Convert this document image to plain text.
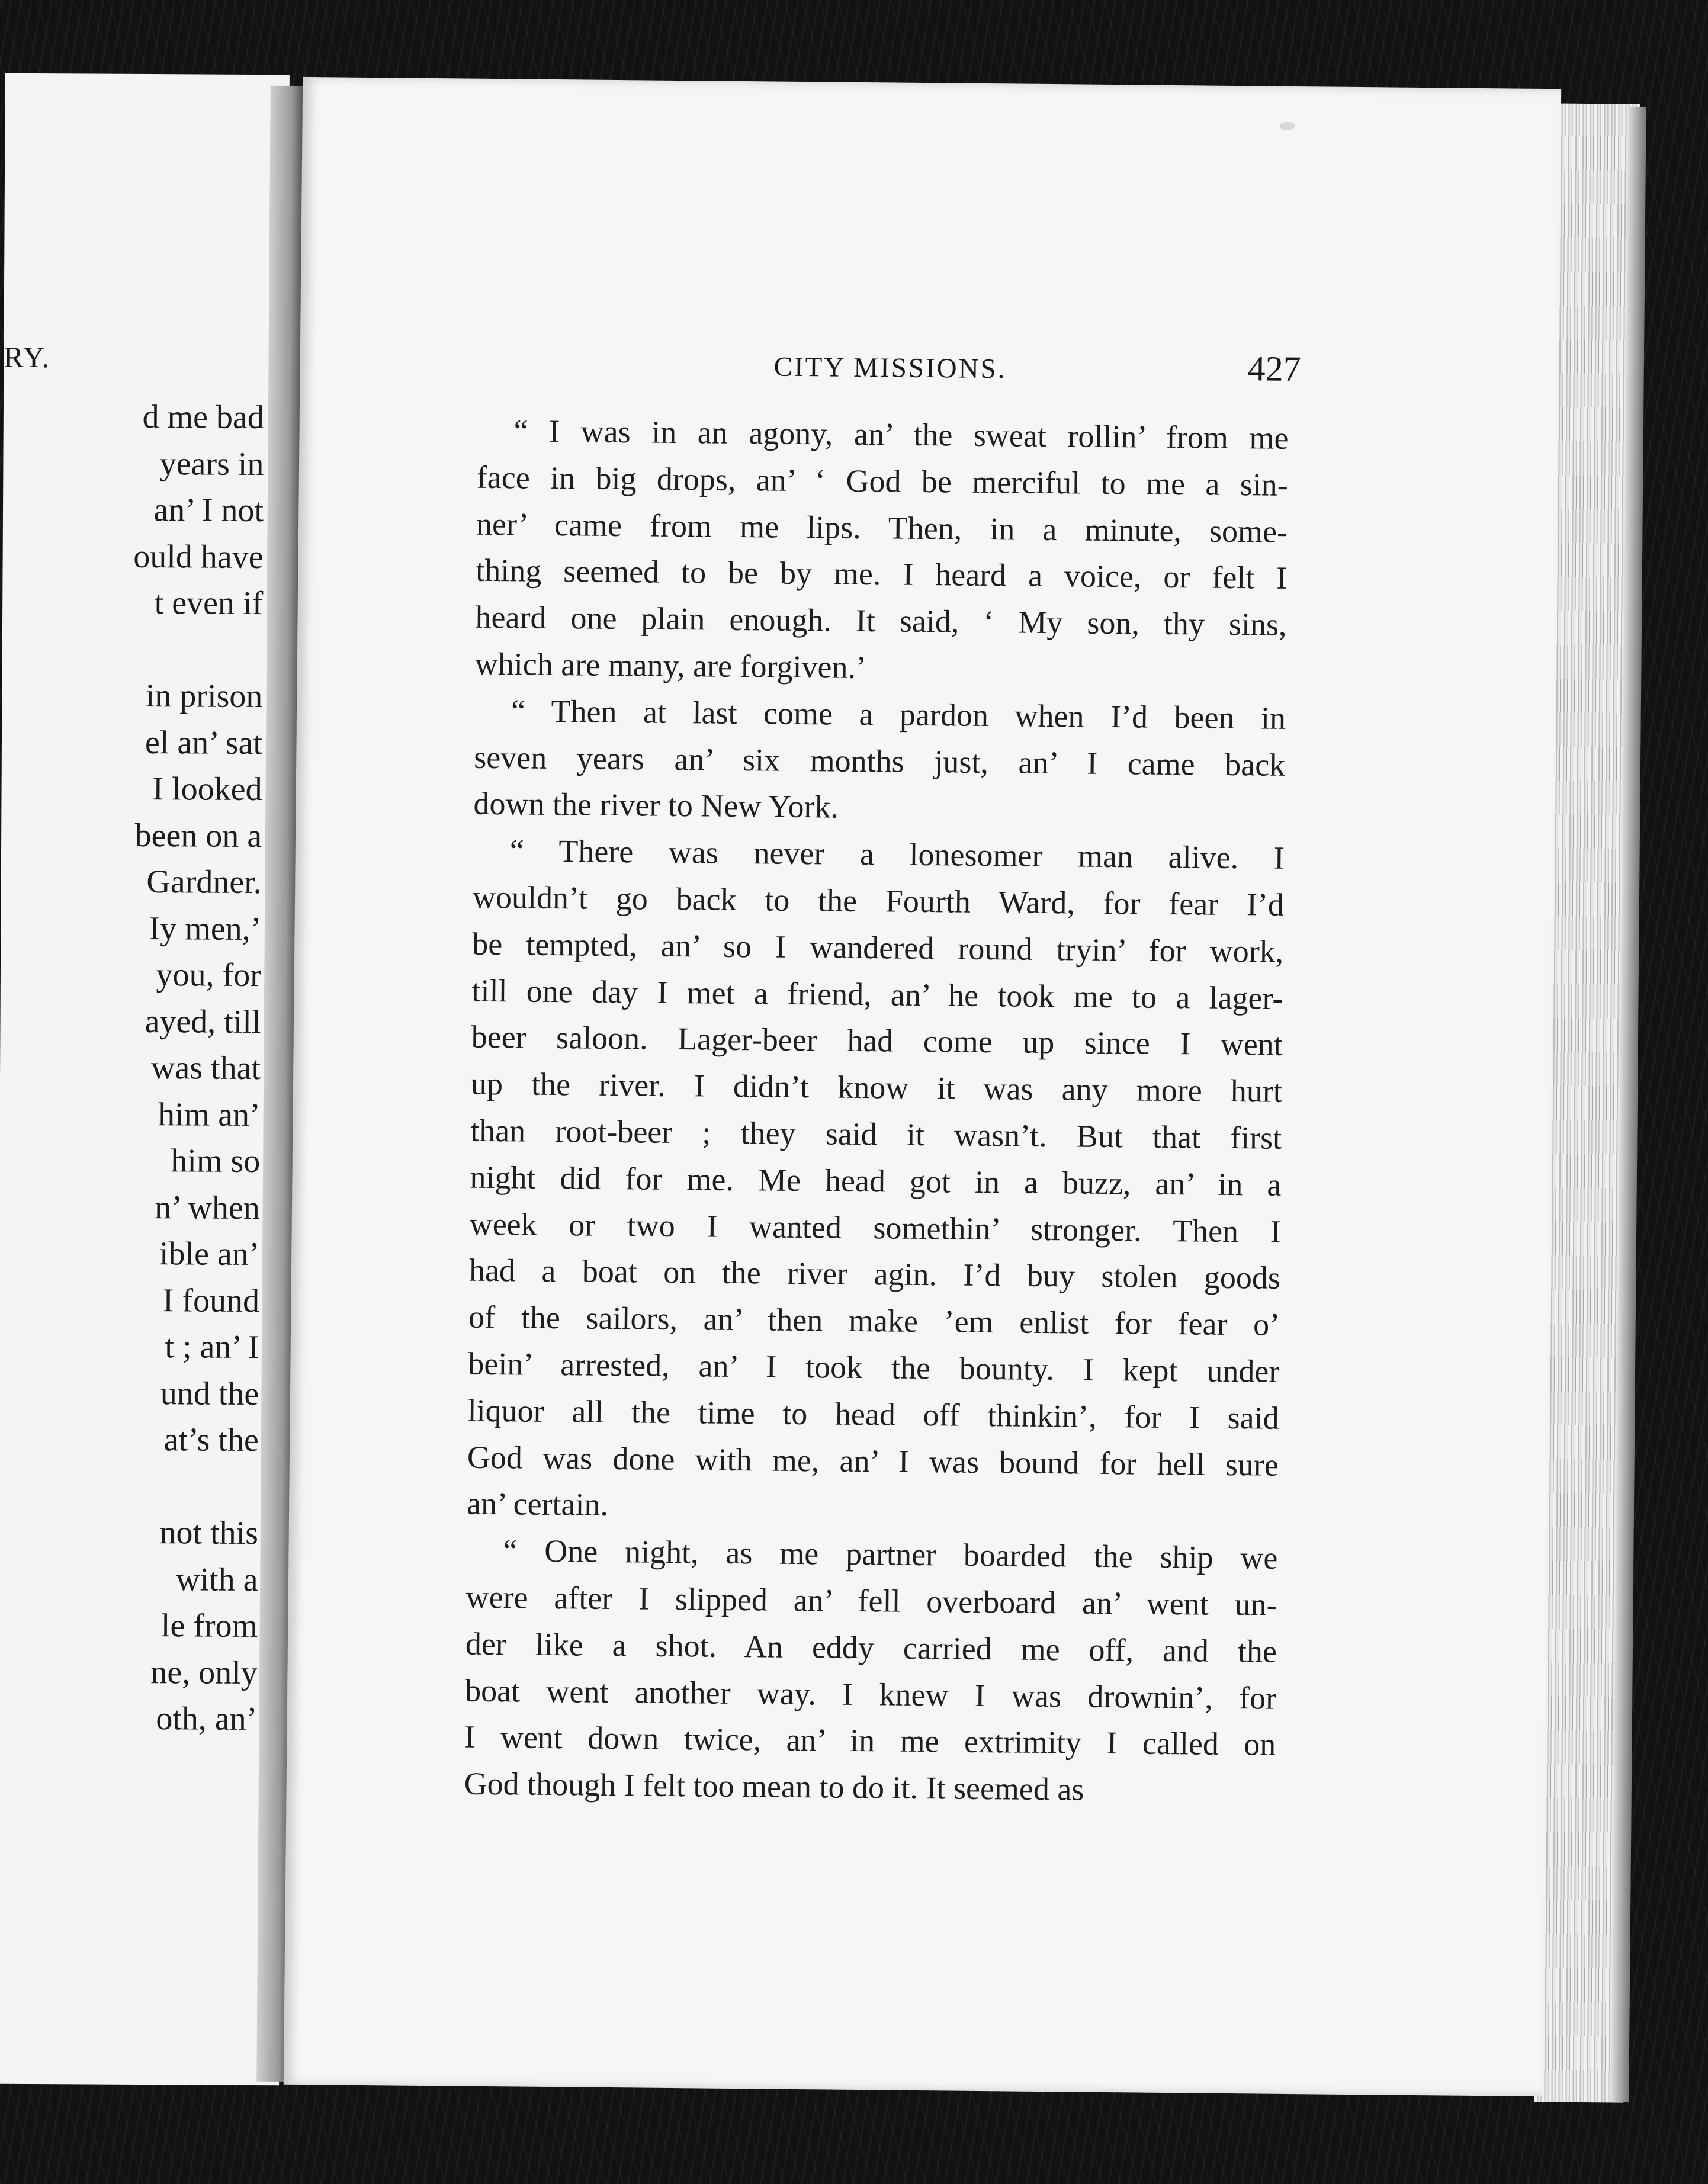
RY.
d me bad
years in
an’ I not
ould have
t even if
in prison
el an’ sat
I looked
been on a
Gardner.
Iy men,’
you, for
ayed, till
was that
him an’
him so
n’ when
ible an’
I found
t ; an’ I
und the
at’s the
not this
with a
le from
ne, only
oth, an’
CITY MISSIONS.	427
“ I was in an agony, an’ the sweat rollin’ from me
face in big drops, an’ ‘ God be merciful to me a sin-
ner’ came from me lips. Then, in a minute, some-
thing seemed to be by me. I heard a voice, or felt I
heard one plain enough. It said, ‘ My son, thy sins,
which are many, are forgiven.’
“ Then at last come a pardon when I’d been in
seven years an’ six months just, an’ I came back
down the river to New York.
“ There was never a lonesomer man alive. I
wouldn’t go back to the Fourth Ward, for fear I’d
be tempted, an’ so I wandered round tryin’ for work,
till one day I met a friend, an’ he took me to a lager-
beer saloon. Lager-beer had come up since I went
up the river. I didn’t know it was any more hurt
than root-beer ; they said it wasn’t. But that first
night did for me. Me head got in a buzz, an’ in a
week or two I wanted somethin’ stronger. Then I
had a boat on the river agin. I’d buy stolen goods
of the sailors, an’ then make ’em enlist for fear o’
bein’ arrested, an’ I took the bounty. I kept under
liquor all the time to head off thinkin’, for I said
God was done with me, an’ I was bound for hell sure
an’ certain.
“ One night, as me partner boarded the ship we
were after I slipped an’ fell overboard an’ went un-
der like a shot. An eddy carried me off, and the
boat went another way. I knew I was drownin’, for
I went down twice, an’ in me extrimity I called on
God though I felt too mean to do it. It seemed as
